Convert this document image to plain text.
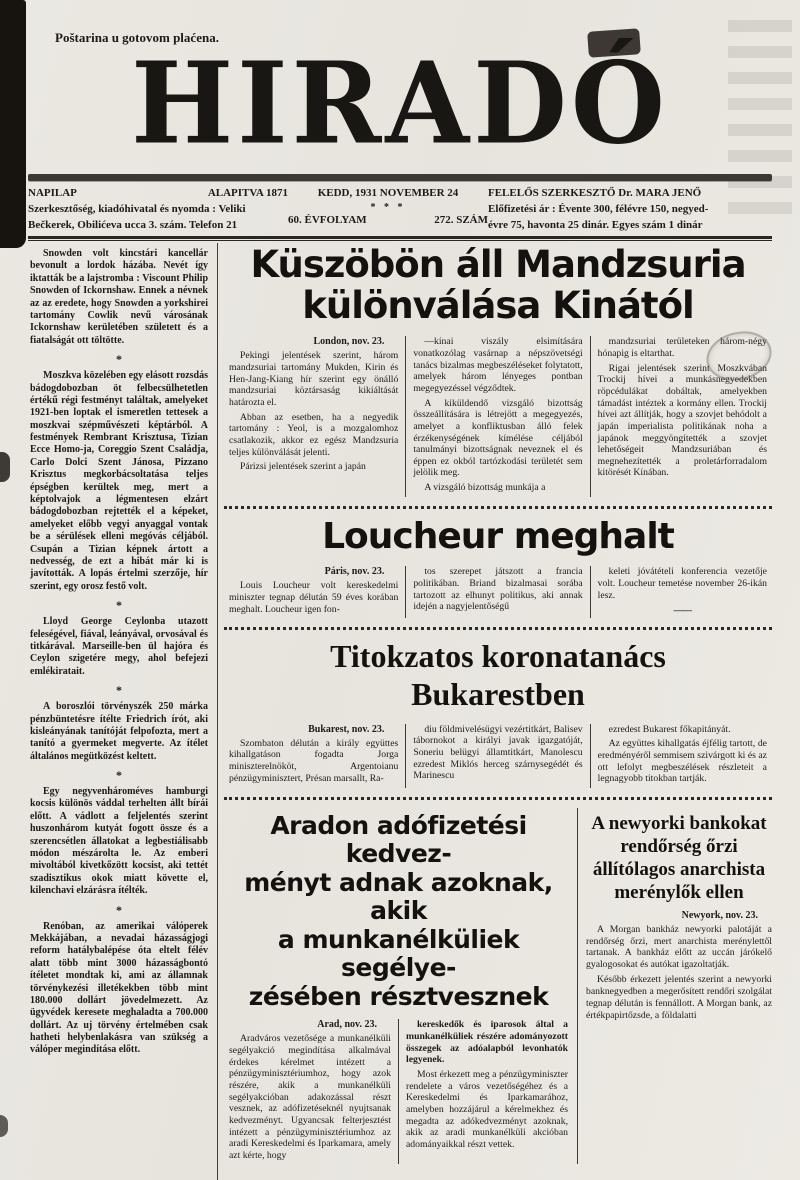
Poštarina u gotovom plaćena.
HIRADÓ
NAPILAP	ALAPITVA 1871
Szerkesztőség, kiadóhivatal és nyomda : Veliki
Bečkerek, Obilićeva ucca 3. szám. Telefon 21
KEDD, 1931 NOVEMBER 24
* * *
60. ÉVFOLYAM	272. SZÁM
FELELŐS SZERKESZTŐ Dr. MARA JENŐ
Előfizetési ár : Évente 300, félévre 150, negyed-
évre 75, havonta 25 dinár. Egyes szám 1 dinár

Snowden volt kincstári kancellár bevonult a lordok házába. Nevét így iktatták be a lajstromba : Viscount Philip Snowden of Ickornshaw. Ennek a névnek az az eredete, hogy Snowden a yorkshirei tartomány Cowlik nevű városának Ickornshaw kerületében született és a fiatalságát ott töltötte.

*

Moszkva közelében egy elásott rozsdás bádogdobozban öt felbecsülhetetlen értékű régi festményt találtak, amelyeket 1921-ben loptak el ismeretlen tettesek a moszkvai szépművészeti képtárból. A festmények Rembrant Krisztusa, Tizian Ecce Homo-ja, Coreggio Szent Családja, Carlo Dolci Szent Jánosa, Pizzano Krisztus megkorbácsoltatása teljes épségben kerültek meg, mert a képtolvajok a légmentesen elzárt bádogdobozban rejtették el a képeket, amelyeket előbb vegyi anyaggal vontak be a sérülések elleni megóvás céljából. Csupán a Tizian képnek ártott a nedvesség, de ezt a hibát már ki is javították. A lopás értelmi szerzője, hír szerint, egy orosz festő volt.

*

Lloyd George Ceylonba utazott feleségével, fiával, leányával, orvosával és titkárával. Marseille-ben ül hajóra és Ceylon szigetére megy, ahol befejezi emlékiratait.

*

A boroszlói törvényszék 250 márka pénzbüntetésre ítélte Friedrich írót, aki kisleányának tanítóját felpofozta, mert a tanító a gyermeket megverte. Az ítélet általános megütközést keltett.

*

Egy negyvenhároméves hamburgi kocsis különös váddal terhelten állt bírái előtt. A vádlott a feljelentés szerint huszonhárom kutyát fogott össze és a szerencsétlen állatokat a legbestiálisabb módon mészárolta le. Az emberi mivoltából kivetkőzött kocsist, aki tettét szadisztikus okok miatt követte el, kilenchavi elzárásra ítélték.

*

Renóban, az amerikai válóperek Mekkájában, a nevadai házasságjogi reform hatálybalépése óta eltelt félév alatt több mint 3000 házasságbontó ítéletet mondtak ki, ami az államnak törvénykezési illetékekben több mint 180.000 dollárt jövedelmezett. Az ügyvédek keresete meghaladta a 700.000 dollárt. Az uj törvény értelmében csak hatheti helybenlakásra van szükség a válóper megindítása előtt.

Küszöbön áll Mandzsuria
különválása Kinától
London, nov. 23.

Pekingi jelentések szerint, három mandzsuriai tartomány Mukden, Kirin és Hen-Jang-Kiang hír szerint egy önálló mandzsuriai köztársaság kikiáltását határozta el.

Abban az esetben, ha a negyedik tartomány : Yeol, is a mozgalomhoz csatlakozik, akkor ez egész Mandzsuria teljes különválását jelenti.

Párizsi jelentések szerint a japán

—kínai viszály elsimítására vonatkozólag vasárnap a népszövetségi tanács bizalmas megbeszéléseket folytatott, amelyek három lényeges pontban megegyezéssel végződtek.

A kiküldendő vizsgáló bizottság összeállítására is létrejött a megegyezés, amelyet a konfliktusban álló felek érzékenységének kímélése céljából tanulmányi bizottságnak neveznek el és éppen ez okból tartózkodási területét sem jelölik meg.

A vizsgáló bizottság munkája a

mandzsuriai területeken három-négy hónapig is eltarthat.

Rigai jelentések szerint Moszkvában Trockij hívei a munkásnegyedekben röpcédulákat dobáltak, amelyekben támadást intéztek a kormány ellen. Trockij hívei azt állítják, hogy a szovjet behódolt a japán imperialista politikának noha a japánok meggyöngítették a szovjet lehetőségeit Mandzsuriában és megnehezítették a proletárforradalom kitörését Kínában.

Loucheur meghalt
Páris, nov. 23.

Louis Loucheur volt kereskedelmi miniszter tegnap délután 59 éves korában meghalt. Loucheur igen fon-

tos szerepet játszott a francia politikában. Briand bizalmasai sorába tartozott az elhunyt politikus, aki annak idején a nagyjelentőségű

keleti jóvátételi konferencia vezetője volt. Loucheur temetése november 26-ikán lesz.

——
Titokzatos koronatanács
Bukarestben
Bukarest, nov. 23.

Szombaton délután a király együttes kihallgatáson fogadta Jorga miniszterelnököt, Argentoianu pénzügyminisztert, Présan marsallt, Ra-

diu földmivelésügyi vezértitkárt, Balisev tábornokot a királyi javak igazgatóját, Soneriu belügyi államtitkárt, Manolescu ezredest Miklós herceg szárnysegédét és Marinescu

ezredest Bukarest főkapitányát.

Az együttes kihallgatás éjfélig tartott, de eredményéről semmisem szivárgott ki és az ott lefolyt megbeszélések részleteit a legnagyobb titokban tartják.

Aradon adófizetési kedvez-
ményt adnak azoknak, akik
a munkanélküliek segélye-
zésében résztvesznek
Arad, nov. 23.

Aradváros vezetősége a munkanélküli segélyakció megindítása alkalmával érdekes kérelmet intézett a pénzügyminisztériumhoz, hogy azok részére, akik a munkanélküli segélyakcióban adakozással részt vesznek, az adófizetéseknél nyujtsanak kedvezményt. Ugyancsak felterjesztést intézett a pénzügyminisztériumhoz az aradi Kereskedelmi és Iparkamara, amely azt kérte, hogy

kereskedők és iparosok által a munkanélküliek részére adományozott összegek az adóalapból levonhatók legyenek.

Most érkezett meg a pénzügyminiszter rendelete a város vezetőségéhez és a Kereskedelmi és Iparkamarához, amelyben hozzájárul a kérelmekhez és megadta az adókedvezményt azoknak, akik az aradi munkanélküli akcióban adományaikkal részt vettek.

A newyorki bankokat
rendőrség őrzi
állítólagos anarchista
merénylők ellen
Newyork, nov. 23.

A Morgan bankház newyorki palotáját a rendőrség őrzi, mert anarchista merénylettől tartanak. A bankház előtt az uccán járókelő gyalogosokat és autókat igazoltatják.

Később érkezett jelentés szerint a newyorki banknegyedben a megerősített rendőri szolgálat tegnap délután is fennállott. A Morgan bank, az értékpapirtőzsde, a földalatti
